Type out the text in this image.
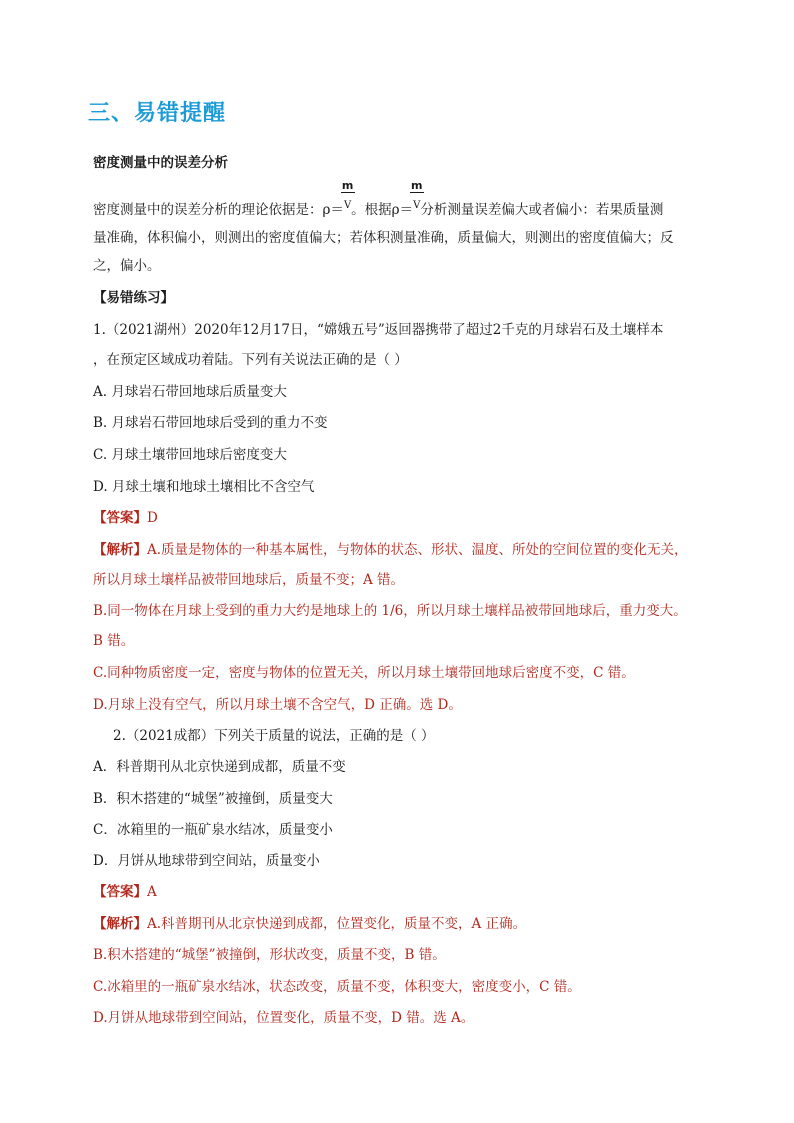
三、易错提醒
密度测量中的误差分析
密度测量中的误差分析的理论依据是：$\rho= \frac{m}{^V}$。根据$\rho= \frac{m}{^V}$分析测量误差偏大或者偏小：若果质量测
量准确，体积偏小，则测出的密度值偏大；若体积测量准确，质量偏大，则测出的密度值偏大；反
之，偏小。
【易错练习】
1.（2021湖州）2020年12月17日，“嫦娥五号”返回器携带了超过2千克的月球岩石及土壤样本
，在预定区域成功着陆。下列有关说法正确的是（ ）
A. 月球岩石带回地球后质量变大
B. 月球岩石带回地球后受到的重力不变
C. 月球土壤带回地球后密度变大
D. 月球土壤和地球土壤相比不含空气
【答案】D
【解析】A.质量是物体的一种基本属性，与物体的状态、形状、温度、所处的空间位置的变化无关，
所以月球土壤样品被带回地球后，质量不变；A 错。
B.同一物体在月球上受到的重力大约是地球上的 1/6，所以月球土壤样品被带回地球后，重力变大。
B 错。
C.同种物质密度一定，密度与物体的位置无关，所以月球土壤带回地球后密度不变，C 错。
D.月球上没有空气，所以月球土壤不含空气，D 正确。选 D。
2.（2021成都）下列关于质量的说法，正确的是（ ）
A．科普期刊从北京快递到成都，质量不变
B．积木搭建的“城堡”被撞倒，质量变大
C．冰箱里的一瓶矿泉水结冰，质量变小
D．月饼从地球带到空间站，质量变小
【答案】A
【解析】A.科普期刊从北京快递到成都，位置变化，质量不变，A 正确。
B.积木搭建的“城堡”被撞倒，形状改变，质量不变，B 错。
C.冰箱里的一瓶矿泉水结冰，状态改变，质量不变，体积变大，密度变小，C 错。
D.月饼从地球带到空间站，位置变化，质量不变，D 错。选 A。
